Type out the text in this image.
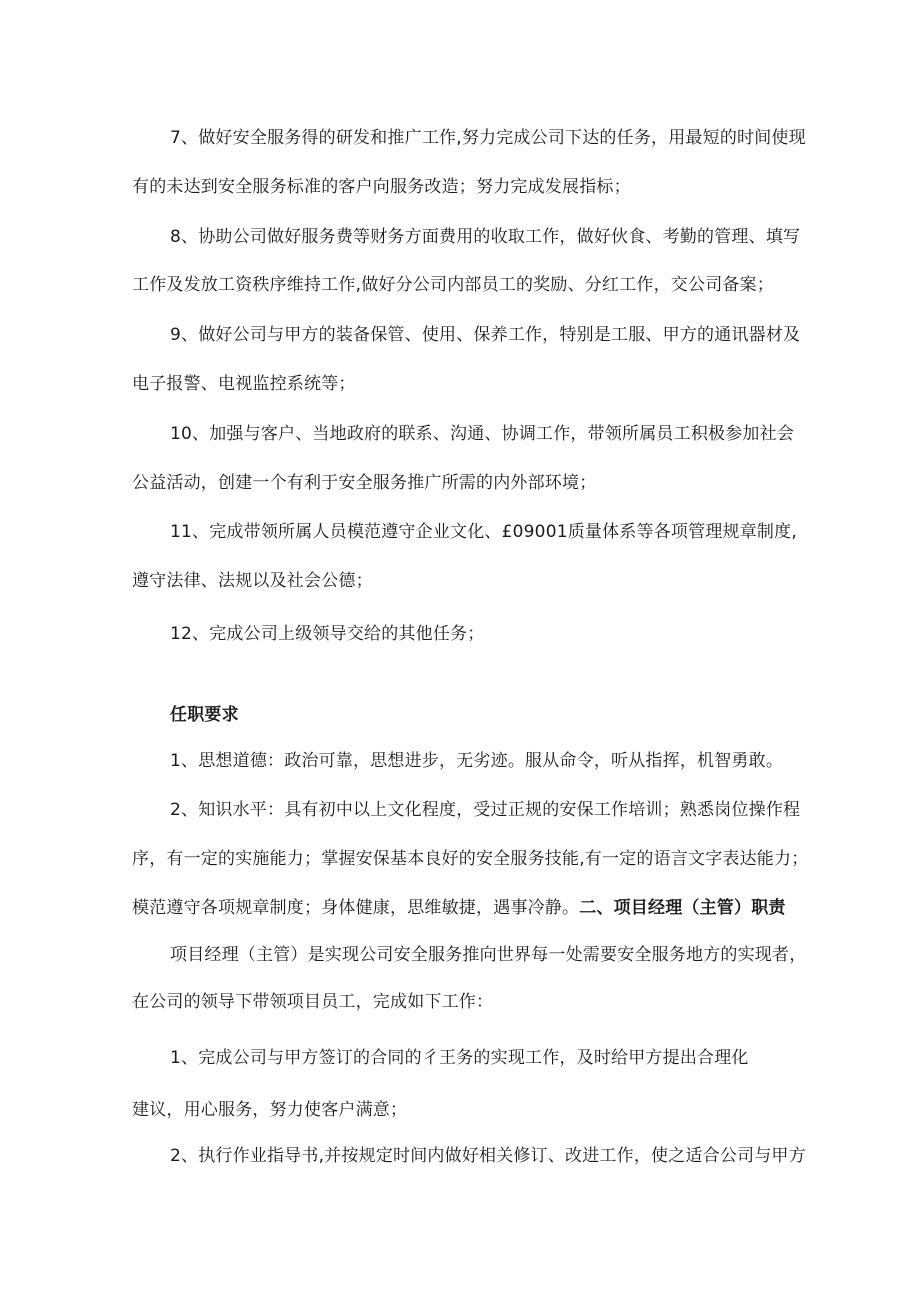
7、做好安全服务得的研发和推广工作,努力完成公司下达的任务，用最短的时间使现
有的未达到安全服务标准的客户向服务改造；努力完成发展指标；
8、协助公司做好服务费等财务方面费用的收取工作，做好伙食、考勤的管理、填写
工作及发放工资秩序维持工作,做好分公司内部员工的奖励、分红工作，交公司备案；
9、做好公司与甲方的装备保管、使用、保养工作，特别是工服、甲方的通讯器材及
电子报警、电视监控系统等；
10、加强与客户、当地政府的联系、沟通、协调工作，带领所属员工积极参加社会
公益活动，创建一个有利于安全服务推广所需的内外部环境；
11、完成带领所属人员模范遵守企业文化、£09001质量体系等各项管理规章制度,
遵守法律、法规以及社会公德；
12、完成公司上级领导交给的其他任务；
任职要求
1、思想道德：政治可靠，思想进步，无劣迹。服从命令，听从指挥，机智勇敢。
2、知识水平：具有初中以上文化程度，受过正规的安保工作培训；熟悉岗位操作程
序，有一定的实施能力；掌握安保基本良好的安全服务技能,有一定的语言文字表达能力；
模范遵守各项规章制度；身体健康，思维敏捷，遇事冷静。二、项目经理（主管）职责
项目经理（主管）是实现公司安全服务推向世界每一处需要安全服务地方的实现者，
在公司的领导下带领项目员工，完成如下工作：
1、完成公司与甲方签订的合同的彳王务的实现工作，及时给甲方提出合理化
建议，用心服务，努力使客户满意；
2、执行作业指导书,并按规定时间内做好相关修订、改进工作，使之适合公司与甲方
